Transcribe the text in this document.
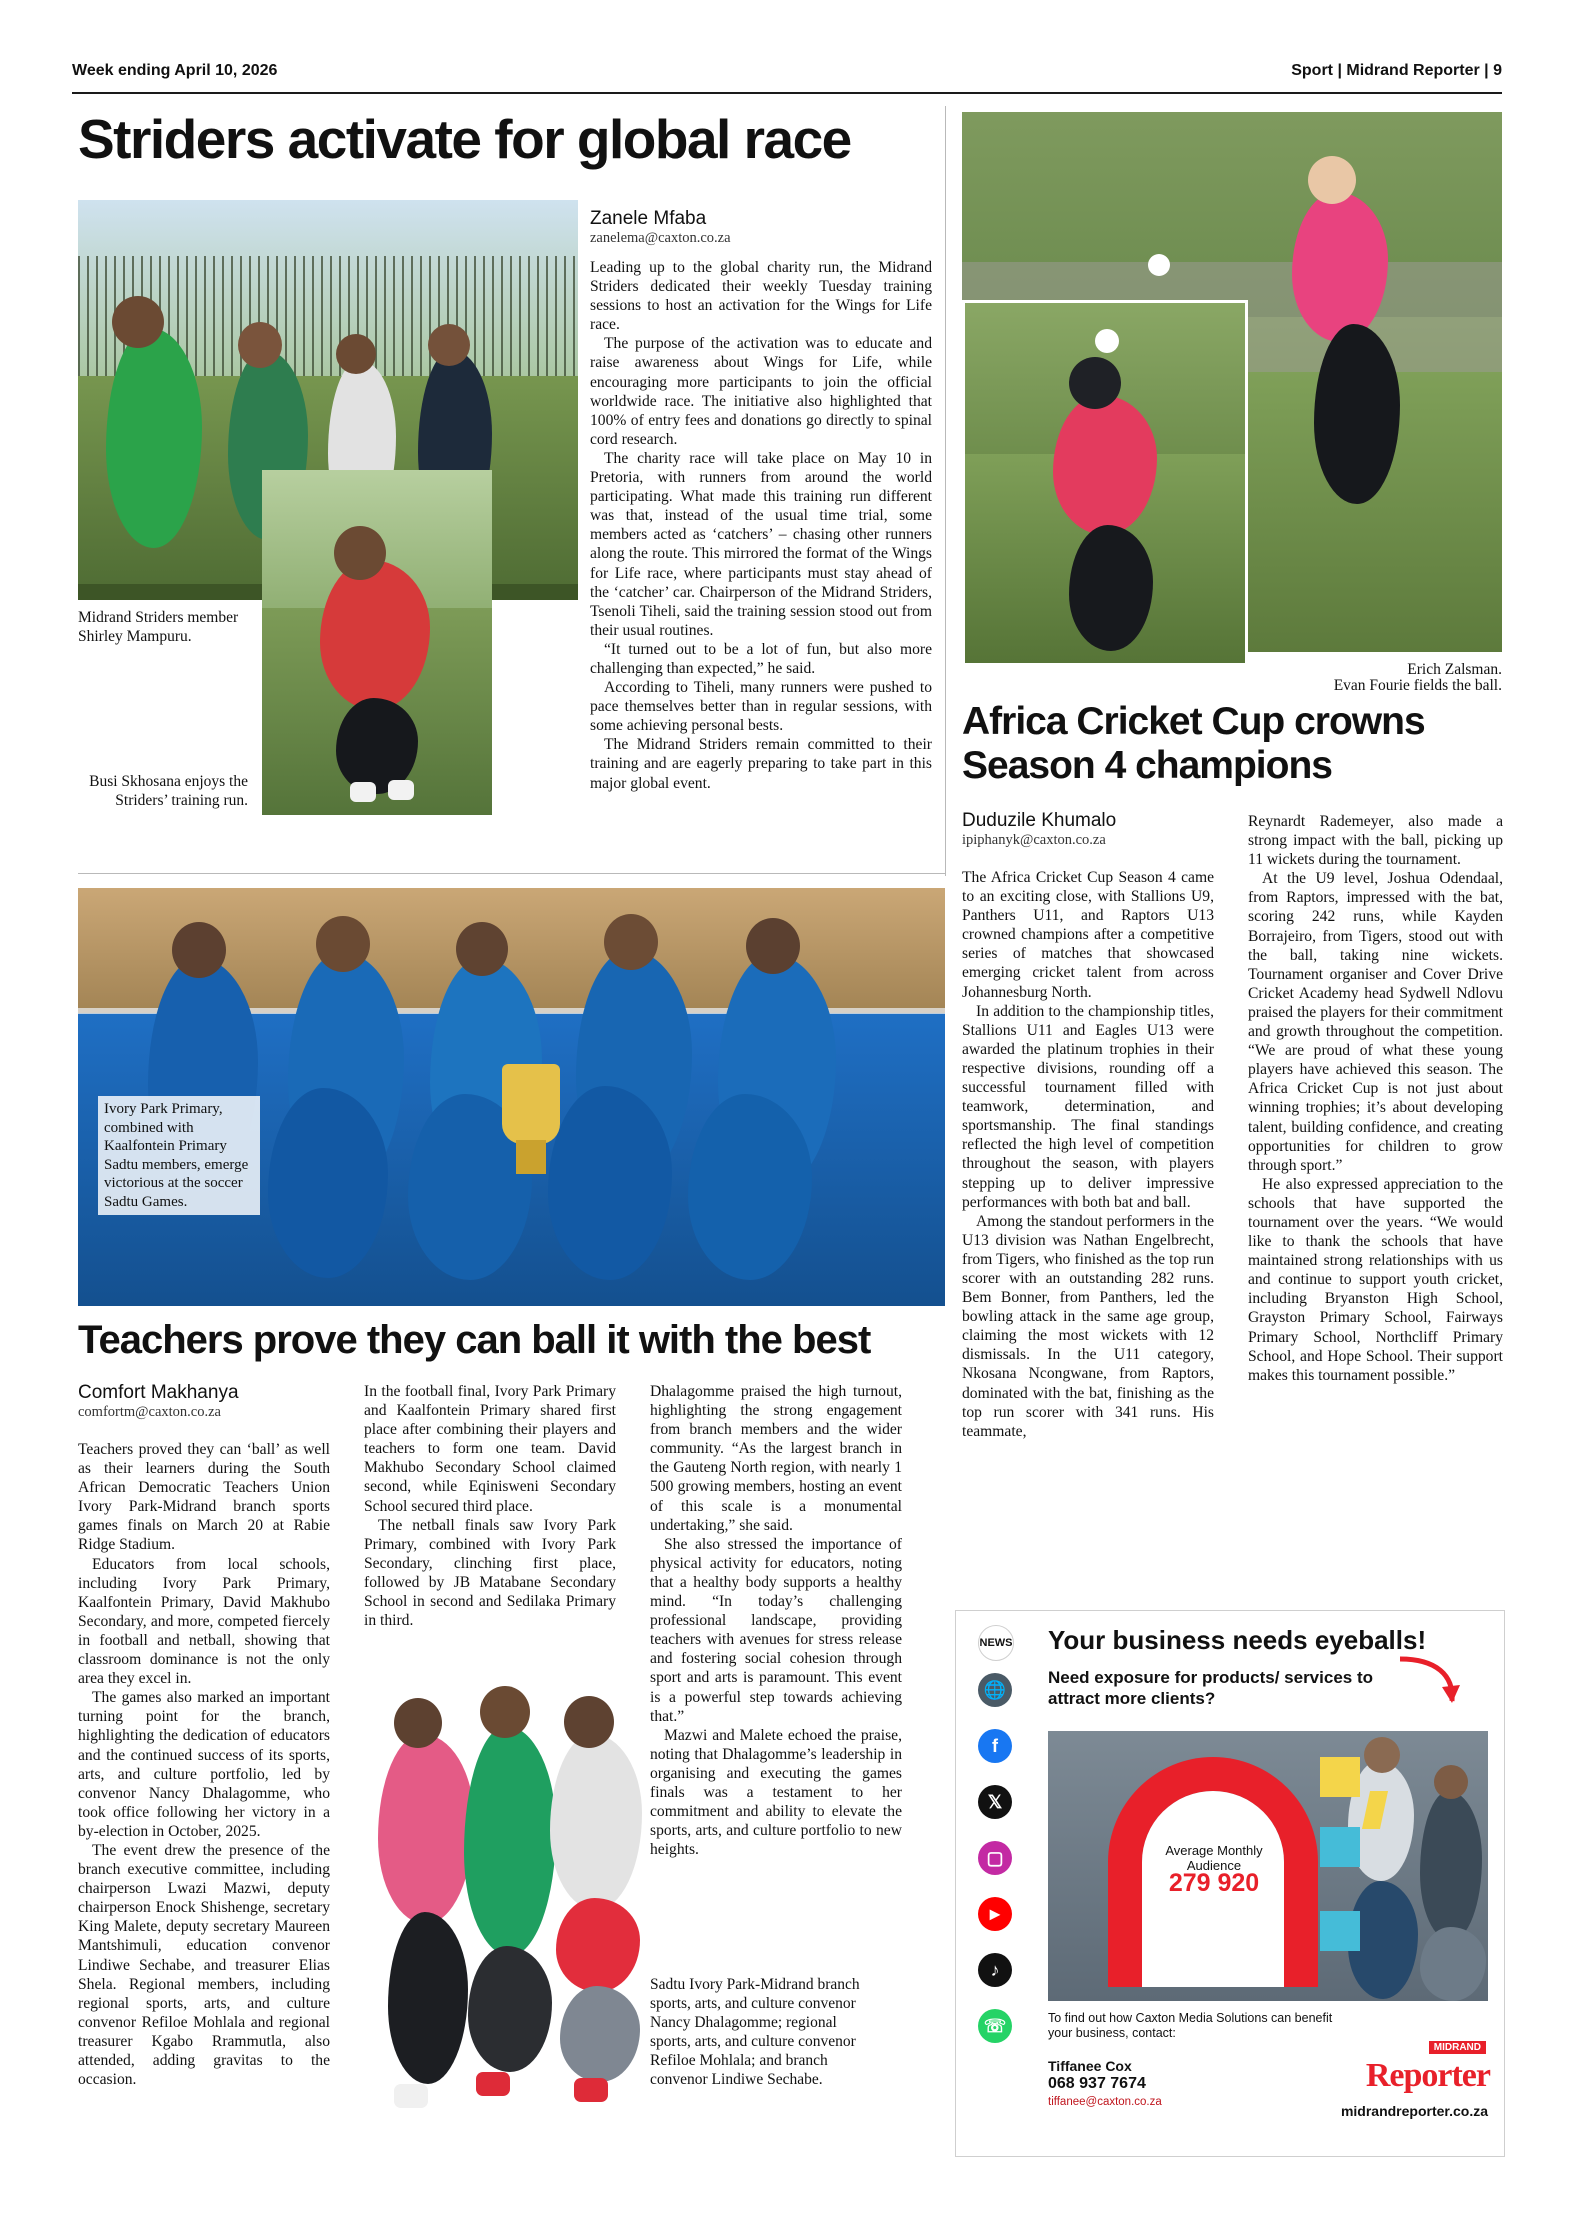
Week ending April 10, 2026	Sport | Midrand Reporter | 9
Striders activate for global race
Midrand Striders member Shirley Mampuru.
Busi Skhosana enjoys the Striders’ training run.
Zanele Mfaba
zanelema@caxton.co.za

Leading up to the global charity run, the Midrand Striders dedicated their weekly Tuesday training sessions to host an activation for the Wings for Life race.

The purpose of the activation was to educate and raise awareness about Wings for Life, while encouraging more participants to join the official worldwide race. The initiative also highlighted that 100% of entry fees and donations go directly to spinal cord research.

The charity race will take place on May 10 in Pretoria, with runners from around the world participating. What made this training run different was that, instead of the usual time trial, some members acted as ‘catchers’ – chasing other runners along the route. This mirrored the format of the Wings for Life race, where participants must stay ahead of the ‘catcher’ car. Chairperson of the Midrand Striders, Tsenoli Tiheli, said the training session stood out from their usual routines.

“It turned out to be a lot of fun, but also more challenging than expected,” he said.

According to Tiheli, many runners were pushed to pace themselves better than in regular sessions, with some achieving personal bests.

The Midrand Striders remain committed to their training and are eagerly preparing to take part in this major global event.

Erich Zalsman.
Evan Fourie fields the ball.
Africa Cricket Cup crowns Season 4 champions
Duduzile Khumalo
ipiphanyk@caxton.co.za

The Africa Cricket Cup Season 4 came to an exciting close, with Stallions U9, Panthers U11, and Raptors U13 crowned champions after a competitive series of matches that showcased emerging cricket talent from across Johannesburg North.

In addition to the championship titles, Stallions U11 and Eagles U13 were awarded the platinum trophies in their respective divisions, rounding off a successful tournament filled with teamwork, determination, and sportsmanship. The final standings reflected the high level of competition throughout the season, with players stepping up to deliver impressive performances with both bat and ball.

Among the standout performers in the U13 division was Nathan Engelbrecht, from Tigers, who finished as the top run scorer with an outstanding 282 runs. Bem Bonner, from Panthers, led the bowling attack in the same age group, claiming the most wickets with 12 dismissals. In the U11 category, Nkosana Ncongwane, from Raptors, dominated with the bat, finishing as the top run scorer with 341 runs. His teammate,

Reynardt Rademeyer, also made a strong impact with the ball, picking up 11 wickets during the tournament.

At the U9 level, Joshua Odendaal, from Raptors, impressed with the bat, scoring 242 runs, while Kayden Borrajeiro, from Tigers, stood out with the ball, taking nine wickets. Tournament organiser and Cover Drive Cricket Academy head Sydwell Ndlovu praised the players for their commitment and growth throughout the competition. “We are proud of what these young players have achieved this season. The Africa Cricket Cup is not just about winning trophies; it’s about developing talent, building confidence, and creating opportunities for children to grow through sport.”

He also expressed appreciation to the schools that have supported the tournament over the years. “We would like to thank the schools that have maintained strong relationships with us and continue to support youth cricket, including Bryanston High School, Grayston Primary School, Fairways Primary School, Northcliff Primary School, and Hope School. Their support makes this tournament possible.”

Ivory Park Primary, combined with Kaalfontein Primary Sadtu members, emerge victorious at the soccer Sadtu Games.
Teachers prove they can ball it with the best
Comfort Makhanya
comfortm@caxton.co.za

Teachers proved they can ‘ball’ as well as their learners during the South African Democratic Teachers Union Ivory Park-Midrand branch sports games finals on March 20 at Rabie Ridge Stadium.

Educators from local schools, including Ivory Park Primary, Kaalfontein Primary, David Makhubo Secondary, and more, competed fiercely in football and netball, showing that classroom dominance is not the only area they excel in.

The games also marked an important turning point for the branch, highlighting the dedication of educators and the continued success of its sports, arts, and culture portfolio, led by convenor Nancy Dhalagomme, who took office following her victory in a by-election in October, 2025.

The event drew the presence of the branch executive committee, including chairperson Lwazi Mazwi, deputy chairperson Enock Shishenge, secretary King Malete, deputy secretary Maureen Mantshimuli, education convenor Lindiwe Sechabe, and treasurer Elias Shela. Regional members, including regional sports, arts, and culture convenor Refiloe Mohlala and regional treasurer Kgabo Rrammutla, also attended, adding gravitas to the occasion.

In the football final, Ivory Park Primary and Kaalfontein Primary shared first place after combining their players and teachers to form one team. David Makhubo Secondary School claimed second, while Eqinisweni Secondary School secured third place.

The netball finals saw Ivory Park Primary, combined with Ivory Park Secondary, clinching first place, followed by JB Matabane Secondary School in second and Sedilaka Primary in third.

Dhalagomme praised the high turnout, highlighting the strong engagement from branch members and the wider community. “As the largest branch in the Gauteng North region, with nearly 1 500 growing members, hosting an event of this scale is a monumental undertaking,” she said.

She also stressed the importance of physical activity for educators, noting that a healthy body supports a healthy mind. “In today’s challenging professional landscape, providing teachers with avenues for stress release and fostering social cohesion through sport and arts is paramount. This event is a powerful step towards achieving that.”

Mazwi and Malete echoed the praise, noting that Dhalagomme’s leadership in organising and executing the games finals was a testament to her commitment and ability to elevate the sports, arts, and culture portfolio to new heights.

Sadtu Ivory Park-Midrand branch sports, arts, and culture convenor Nancy Dhalagomme; regional sports, arts, and culture convenor Refiloe Mohlala; and branch convenor Lindiwe Sechabe.
Your business needs eyeballs!
Need exposure for products/ services to attract more clients?
NEWS
🌐
f
𝕏
▢
►
♪
☏
Average Monthly Audience
279 920
To find out how Caxton Media Solutions can benefit your business, contact:
Tiffanee Cox
068 937 7674
tiffanee@caxton.co.za
MIDRAND
Reporter
midrandreporter.co.za
